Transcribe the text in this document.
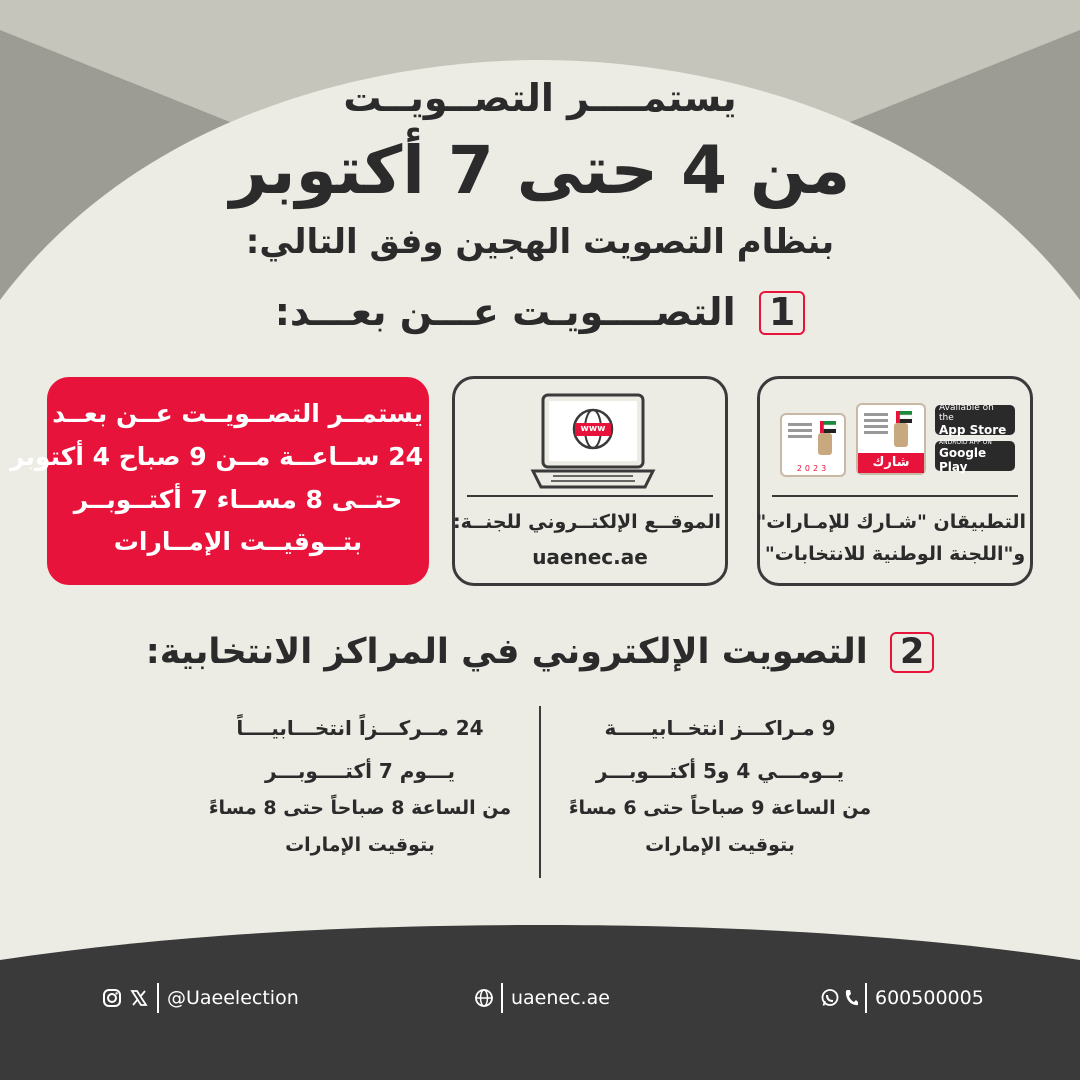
يستمــــر التصــويــت
من 4 حتى 7 أكتوبر
بنظام التصويت الهجين وفق التالي:
1 التصــــويـت عـــن بعـــد:
Available on the
App Store
ANDROID APP ON
Google Play
شارك
2023
التطبيقان "شـارك للإمـارات"
و"اللجنة الوطنية للانتخابات"
www
الموقــع الإلكتــروني للجنــة:
uaenec.ae
يستمــر التصــويــت عــن بعــد
24 ســاعــة مــن 9 صباح 4 أكتوبر
حتــى 8 مســاء 7 أكتــوبــر
بتــوقيــت الإمــارات
2 التصويت الإلكتروني في المراكز الانتخابية:
9 مـراكـــز انتخــابيـــــة
يــومـــي 4 و5 أكتـــوبـــر
من الساعة 9 صباحاً حتى 6 مساءً
بتوقيت الإمارات
24 مــركـــزاً انتخـــابيــــاً
يـــوم 7 أكتــــوبـــر
من الساعة 8 صباحاً حتى 8 مساءً
بتوقيت الإمارات
@Uaeelection	uaenec.ae	600500005
